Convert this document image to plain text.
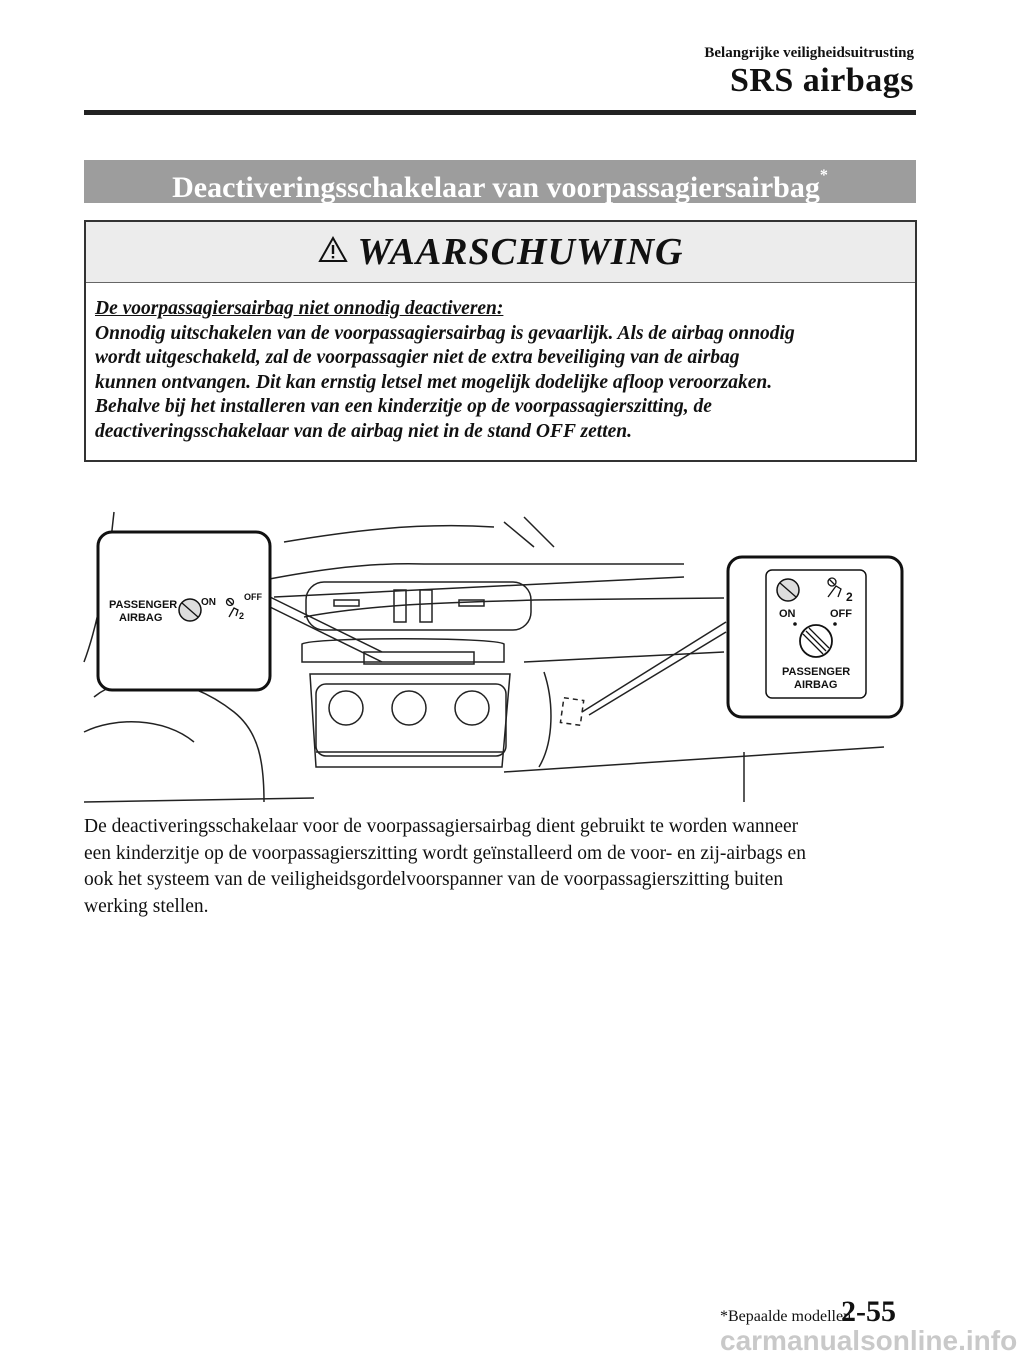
Belangrijke veiligheidsuitrusting
SRS airbags
Deactiveringsschakelaar van voorpassagiersairbag*
WAARSCHUWING
De voorpassagiersairbag niet onnodig deactiveren:
Onnodig uitschakelen van de voorpassagiersairbag is gevaarlijk. Als de airbag onnodig
wordt uitgeschakeld, zal de voorpassagier niet de extra beveiliging van de airbag
kunnen ontvangen. Dit kan ernstig letsel met mogelijk dodelijke afloop veroorzaken.
Behalve bij het installeren van een kinderzitje op de voorpassagierszitting, de
deactiveringsschakelaar van de airbag niet in de stand OFF zetten.
PASSENGER
AIRBAG
ON	OFF
2
2
ON	OFF
PASSENGER
AIRBAG
De deactiveringsschakelaar voor de voorpassagiersairbag dient gebruikt te worden wanneer
een kinderzitje op de voorpassagierszitting wordt geïnstalleerd om de voor- en zij-airbags en
ook het systeem van de veiligheidsgordelvoorspanner van de voorpassagierszitting buiten
werking stellen.
*Bepaalde modellen.
2-55
carmanualsonline.info
